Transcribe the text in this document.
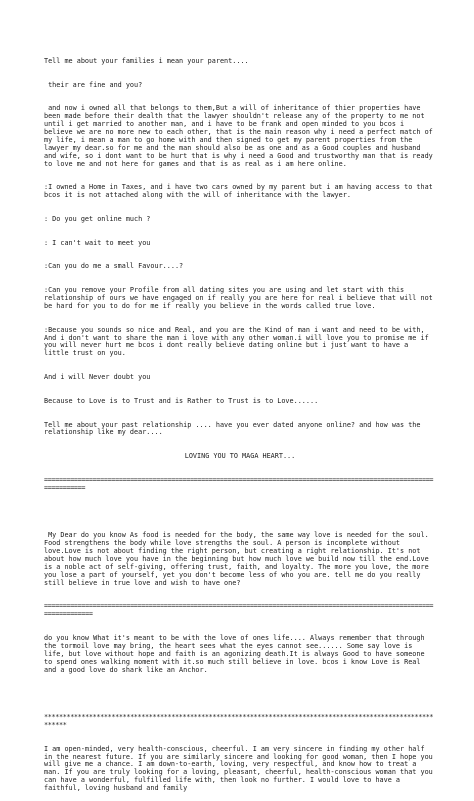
Tell me about your families i mean your parent....

their are fine and you?

and now i owned all that belongs to them,But a will of inheritance of thier properties have been made before their dealth that the lawyer shouldn't release any of the property to me not until i get married to another man, and i have to be frank and open minded to you bcos i believe we are no more new to each other, that is the main reason why i need a perfect match of my life, i mean a man to go home with and then signed to get my parent properties from the lawyer my dear.so for me and the man should also be as one and as a Good couples and husband and wife, so i dont want to be hurt that is why i need a Good and trustworthy man that is ready to love me and not here for games and that is as real as i am here online.

:I owned a Home in Taxes, and i have two cars owned by my parent but i am having access to that bcos it is not attached along with the will of inheritance with the lawyer.

: Do you get online much ?

: I can't wait to meet you

:Can you do me a small Favour....?

:Can you remove your Profile from all dating sites you are using and let start with this relationship of ours we have engaged on if really you are here for real i believe that will not be hard for you to do for me if really you believe in the words called true love.

:Because you sounds so nice and Real, and you are the Kind of man i want and need to be with, And i don't want to share the man i love with any other woman.i will love you to promise me if you will never hurt me bcos i dont really believe dating online but i just want to have a little trust on you.

And i will Never doubt you

Because to Love is to Trust and is Rather to Trust is to Love......

Tell me about your past relationship .... have you ever dated anyone online? and how was the relationship like my dear....

LOVING YOU TO MAGA HEART...

===================================================================================================================

My Dear do you know As food is needed for the body, the same way love is needed for the soul. Food strengthens the body while love strengths the soul. A person is incomplete without love.Love is not about finding the right person, but creating a right relationship. It's not about how much love you have in the beginning but how much love we build now till the end.Love is a noble act of self-giving, offering trust, faith, and loyalty. The more you love, the more you lose a part of yourself, yet you don't become less of who you are. tell me do you really still believe in true love and wish to have one?

=====================================================================================================================

do you know What it's meant to be with the love of ones life.... Always remember that through the tormoil love may bring, the heart sees what the eyes cannot see...... Some say love is life, but love without hope and faith is an agonizing death.It is always Good to have someone to spend ones walking moment with it.so much still believe in love. bcos i know Love is Real and a good love do shark like an Anchor.

**************************************************************************************************************

I am open-minded, very health-conscious, cheerful. I am very sincere in finding my other half in the nearest future. If you are similarly sincere and looking for good woman, then I hope you will give me a chance. I am down-to-earth, loving, very respectful, and know how to treat a man. If you are truly looking for a loving, pleasant, cheerful, health-conscious woman that you can have a wonderful, fulfilled life with, then look no further. I would love to have a faithful, loving husband and family
